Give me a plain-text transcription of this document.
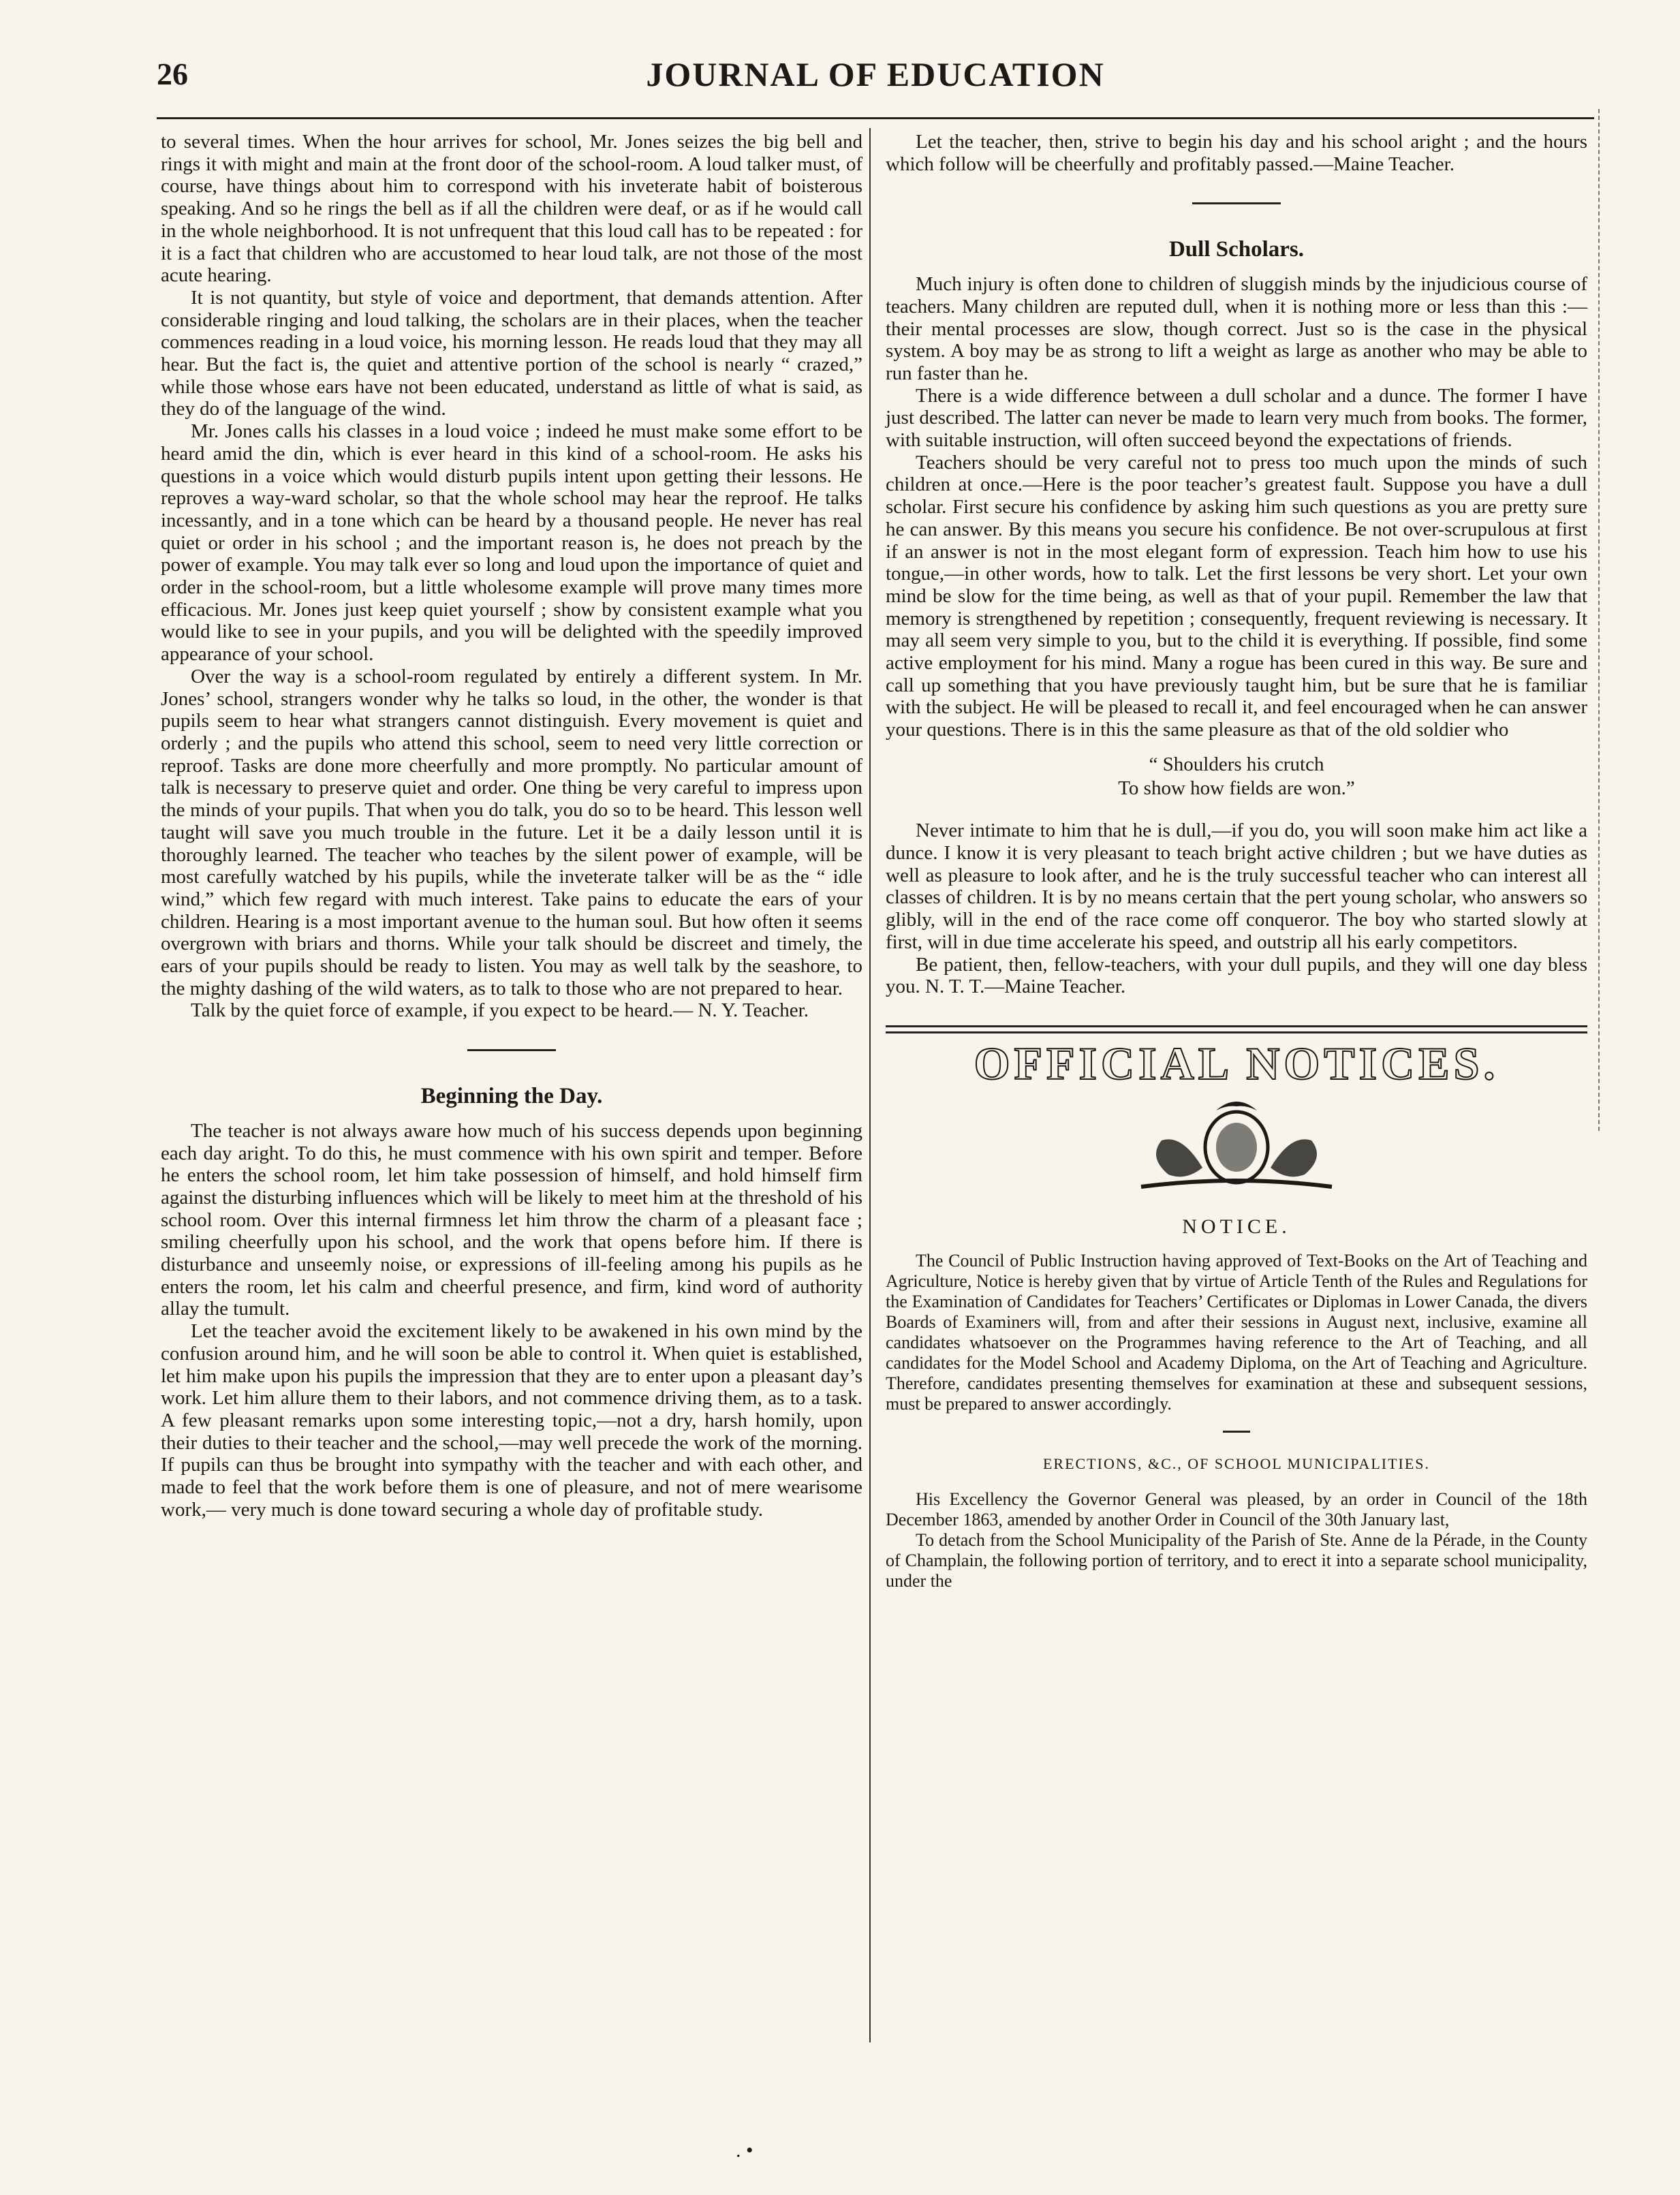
26	JOURNAL OF EDUCATION

to several times. When the hour arrives for school, Mr. Jones seizes the big bell and rings it with might and main at the front door of the school-room. A loud talker must, of course, have things about him to correspond with his inveterate habit of boisterous speaking. And so he rings the bell as if all the children were deaf, or as if he would call in the whole neighborhood. It is not unfrequent that this loud call has to be repeated : for it is a fact that children who are accustomed to hear loud talk, are not those of the most acute hearing.

It is not quantity, but style of voice and deportment, that demands attention. After considerable ringing and loud talking, the scholars are in their places, when the teacher commences reading in a loud voice, his morning lesson. He reads loud that they may all hear. But the fact is, the quiet and attentive portion of the school is nearly “ crazed,” while those whose ears have not been educated, understand as little of what is said, as they do of the language of the wind.

Mr. Jones calls his classes in a loud voice ; indeed he must make some effort to be heard amid the din, which is ever heard in this kind of a school-room. He asks his questions in a voice which would disturb pupils intent upon getting their lessons. He reproves a way-ward scholar, so that the whole school may hear the reproof. He talks incessantly, and in a tone which can be heard by a thousand people. He never has real quiet or order in his school ; and the important reason is, he does not preach by the power of example. You may talk ever so long and loud upon the importance of quiet and order in the school-room, but a little wholesome example will prove many times more efficacious. Mr. Jones just keep quiet yourself ; show by consistent example what you would like to see in your pupils, and you will be delighted with the speedily improved appearance of your school.

Over the way is a school-room regulated by entirely a different system. In Mr. Jones’ school, strangers wonder why he talks so loud, in the other, the wonder is that pupils seem to hear what strangers cannot distinguish. Every movement is quiet and orderly ; and the pupils who attend this school, seem to need very little correction or reproof. Tasks are done more cheerfully and more promptly. No particular amount of talk is necessary to preserve quiet and order. One thing be very careful to impress upon the minds of your pupils. That when you do talk, you do so to be heard. This lesson well taught will save you much trouble in the future. Let it be a daily lesson until it is thoroughly learned. The teacher who teaches by the silent power of example, will be most carefully watched by his pupils, while the inveterate talker will be as the “ idle wind,” which few regard with much interest. Take pains to educate the ears of your children. Hearing is a most important avenue to the human soul. But how often it seems overgrown with briars and thorns. While your talk should be discreet and timely, the ears of your pupils should be ready to listen. You may as well talk by the seashore, to the mighty dashing of the wild waters, as to talk to those who are not prepared to hear.

Talk by the quiet force of example, if you expect to be heard.— N. Y. Teacher.

Beginning the Day.

The teacher is not always aware how much of his success depends upon beginning each day aright. To do this, he must commence with his own spirit and temper. Before he enters the school room, let him take possession of himself, and hold himself firm against the disturbing influences which will be likely to meet him at the threshold of his school room. Over this internal firmness let him throw the charm of a pleasant face ; smiling cheerfully upon his school, and the work that opens before him. If there is disturbance and unseemly noise, or expressions of ill-feeling among his pupils as he enters the room, let his calm and cheerful presence, and firm, kind word of authority allay the tumult.

Let the teacher avoid the excitement likely to be awakened in his own mind by the confusion around him, and he will soon be able to control it. When quiet is established, let him make upon his pupils the impression that they are to enter upon a pleasant day’s work. Let him allure them to their labors, and not commence driving them, as to a task. A few pleasant remarks upon some interesting topic,—not a dry, harsh homily, upon their duties to their teacher and the school,—may well precede the work of the morning. If pupils can thus be brought into sympathy with the teacher and with each other, and made to feel that the work before them is one of pleasure, and not of mere wearisome work,— very much is done toward securing a whole day of profitable study.

Let the teacher, then, strive to begin his day and his school aright ; and the hours which follow will be cheerfully and profitably passed.—Maine Teacher.

Dull Scholars.

Much injury is often done to children of sluggish minds by the injudicious course of teachers. Many children are reputed dull, when it is nothing more or less than this :—their mental processes are slow, though correct. Just so is the case in the physical system. A boy may be as strong to lift a weight as large as another who may be able to run faster than he.

There is a wide difference between a dull scholar and a dunce. The former I have just described. The latter can never be made to learn very much from books. The former, with suitable instruction, will often succeed beyond the expectations of friends.

Teachers should be very careful not to press too much upon the minds of such children at once.—Here is the poor teacher’s greatest fault. Suppose you have a dull scholar. First secure his confidence by asking him such questions as you are pretty sure he can answer. By this means you secure his confidence. Be not over-scrupulous at first if an answer is not in the most elegant form of expression. Teach him how to use his tongue,—in other words, how to talk. Let the first lessons be very short. Let your own mind be slow for the time being, as well as that of your pupil. Remember the law that memory is strengthened by repetition ; consequently, frequent reviewing is necessary. It may all seem very simple to you, but to the child it is everything. If possible, find some active employment for his mind. Many a rogue has been cured in this way. Be sure and call up something that you have previously taught him, but be sure that he is familiar with the subject. He will be pleased to recall it, and feel encouraged when he can answer your questions. There is in this the same pleasure as that of the old soldier who

“ Shoulders his crutch
To show how fields are won.”

Never intimate to him that he is dull,—if you do, you will soon make him act like a dunce. I know it is very pleasant to teach bright active children ; but we have duties as well as pleasure to look after, and he is the truly successful teacher who can interest all classes of children. It is by no means certain that the pert young scholar, who answers so glibly, will in the end of the race come off conqueror. The boy who started slowly at first, will in due time accelerate his speed, and outstrip all his early competitors.

Be patient, then, fellow-teachers, with your dull pupils, and they will one day bless you. N. T. T.—Maine Teacher.

OFFICIAL NOTICES.
NOTICE.

The Council of Public Instruction having approved of Text-Books on the Art of Teaching and Agriculture, Notice is hereby given that by virtue of Article Tenth of the Rules and Regulations for the Examination of Candidates for Teachers’ Certificates or Diplomas in Lower Canada, the divers Boards of Examiners will, from and after their sessions in August next, inclusive, examine all candidates whatsoever on the Programmes having reference to the Art of Teaching, and all candidates for the Model School and Academy Diploma, on the Art of Teaching and Agriculture. Therefore, candidates presenting themselves for examination at these and subsequent sessions, must be prepared to answer accordingly.

ERECTIONS, &C., OF SCHOOL MUNICIPALITIES.

His Excellency the Governor General was pleased, by an order in Council of the 18th December 1863, amended by another Order in Council of the 30th January last,

To detach from the School Municipality of the Parish of Ste. Anne de la Pérade, in the County of Champlain, the following portion of territory, and to erect it into a separate school municipality, under the

. •
